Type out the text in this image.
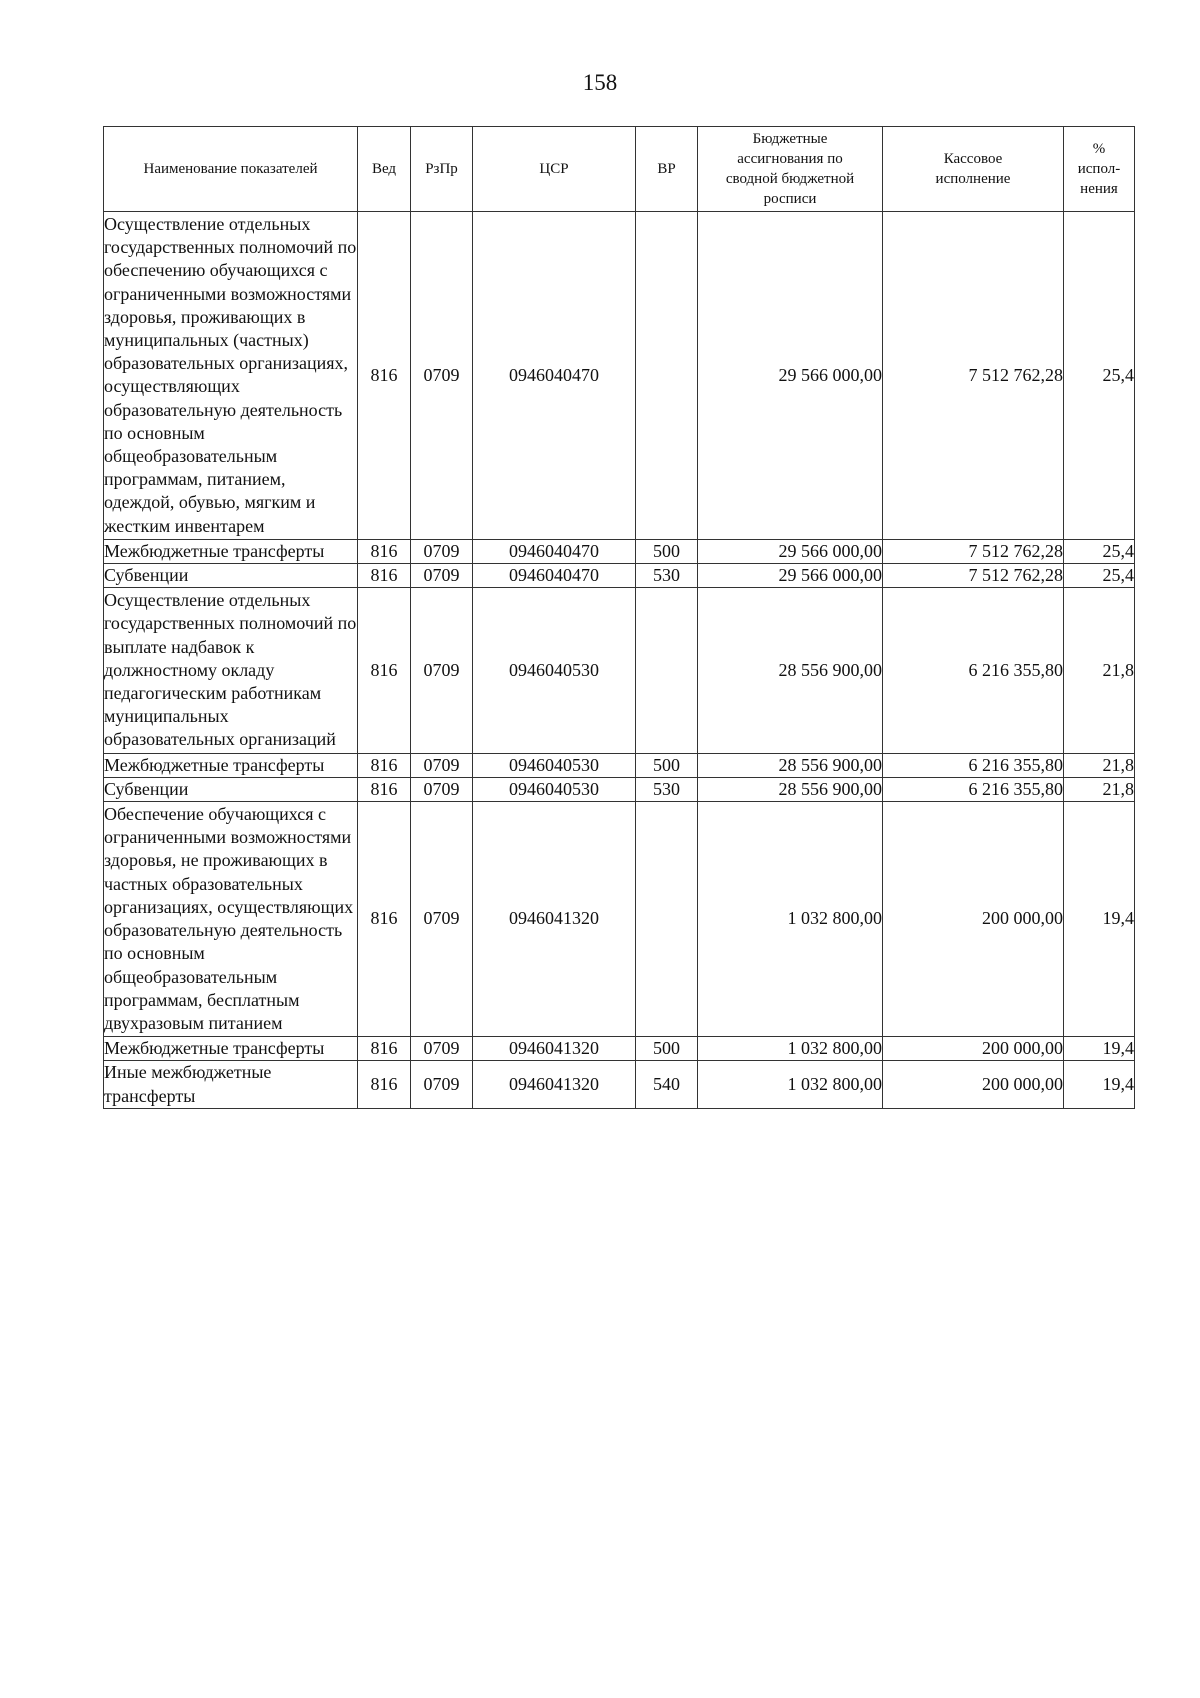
158
Наименование показателей	Вед	РзПр	ЦСР	ВР	Бюджетные ассигнования по сводной бюджетной росписи	Кассовое исполнение	% испол-нения
Осуществление отдельных государственных полномочий по обеспечению обучающихся с ограниченными возможностями здоровья, проживающих в муниципальных (частных) образовательных организациях, осуществляющих образовательную деятельность по основным общеобразовательным программам, питанием, одеждой, обувью, мягким и жестким инвентарем	816	0709	0946040470		29 566 000,00	7 512 762,28	25,4
Межбюджетные трансферты	816	0709	0946040470	500	29 566 000,00	7 512 762,28	25,4
Субвенции	816	0709	0946040470	530	29 566 000,00	7 512 762,28	25,4
Осуществление отдельных государственных полномочий по выплате надбавок к должностному окладу педагогическим работникам муниципальных образовательных организаций	816	0709	0946040530		28 556 900,00	6 216 355,80	21,8
Межбюджетные трансферты	816	0709	0946040530	500	28 556 900,00	6 216 355,80	21,8
Субвенции	816	0709	0946040530	530	28 556 900,00	6 216 355,80	21,8
Обеспечение обучающихся с ограниченными возможностями здоровья, не проживающих в частных образовательных организациях, осуществляющих образовательную деятельность по основным общеобразовательным программам, бесплатным двухразовым питанием	816	0709	0946041320		1 032 800,00	200 000,00	19,4
Межбюджетные трансферты	816	0709	0946041320	500	1 032 800,00	200 000,00	19,4
Иные межбюджетные трансферты	816	0709	0946041320	540	1 032 800,00	200 000,00	19,4
